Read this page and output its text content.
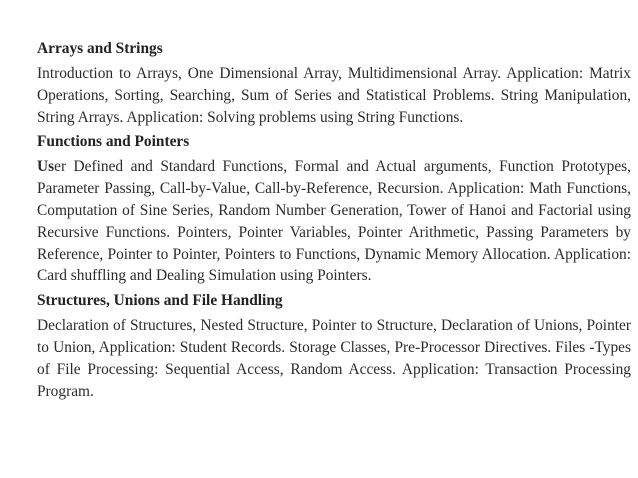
Arrays and Strings
Introduction to Arrays, One Dimensional Array, Multidimensional Array. Application: Matrix Operations, Sorting, Searching, Sum of Series and Statistical Problems. String Manipulation, String Arrays. Application: Solving problems using String Functions.
Functions and Pointers
User Defined and Standard Functions, Formal and Actual arguments, Function Prototypes, Parameter Passing, Call-by-Value, Call-by-Reference, Recursion. Application: Math Functions, Computation of Sine Series, Random Number Generation, Tower of Hanoi and Factorial using Recursive Functions. Pointers, Pointer Variables, Pointer Arithmetic, Passing Parameters by Reference, Pointer to Pointer, Pointers to Functions, Dynamic Memory Allocation. Application: Card shuffling and Dealing Simulation using Pointers.
Structures, Unions and File Handling
Declaration of Structures, Nested Structure, Pointer to Structure, Declaration of Unions, Pointer to Union, Application: Student Records. Storage Classes, Pre-Processor Directives. Files -Types of File Processing: Sequential Access, Random Access. Application: Transaction Processing Program.
